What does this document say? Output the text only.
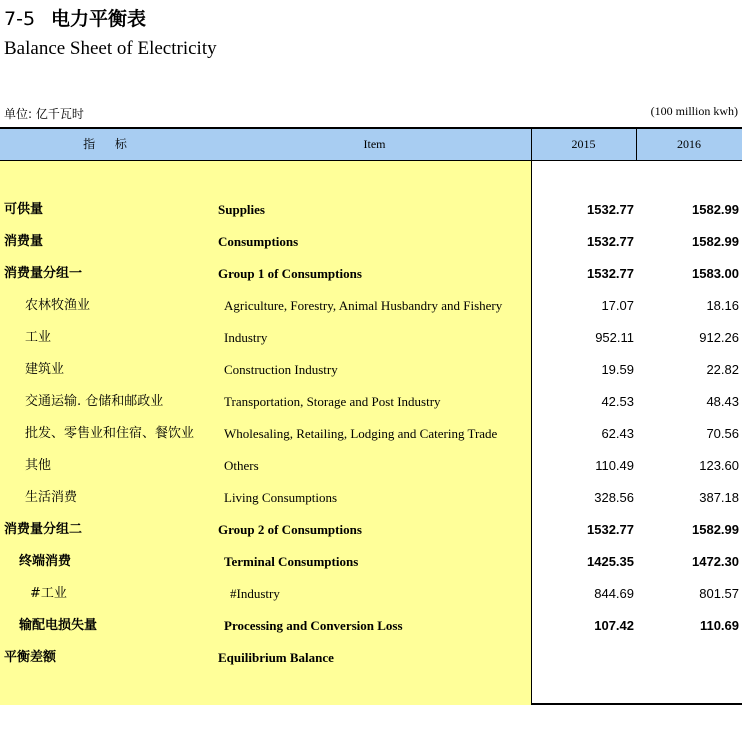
7-5 电力平衡表
Balance Sheet of Electricity
单位: 亿千瓦时	(100 million kwh)
指 标	Item	2015	2016
可供量	Supplies	1532.77	1582.99
消费量	Consumptions	1532.77	1582.99
消费量分组一	Group 1 of Consumptions	1532.77	1583.00
农林牧渔业	Agriculture, Forestry, Animal Husbandry and Fishery	17.07	18.16
工业	Industry	952.11	912.26
建筑业	Construction Industry	19.59	22.82
交通运输. 仓储和邮政业	Transportation, Storage and Post Industry	42.53	48.43
批发、零售业和住宿、餐饮业 Wholesaling, Retailing, Lodging and Catering Trade	62.43	70.56
其他	Others	110.49	123.60
生活消费	Living Consumptions	328.56	387.18
消费量分组二	Group 2 of Consumptions	1532.77	1582.99
终端消费	Terminal Consumptions	1425.35	1472.30
#工业	#Industry	844.69	801.57
输配电损失量	Processing and Conversion Loss	107.42	110.69
平衡差额	Equilibrium Balance
